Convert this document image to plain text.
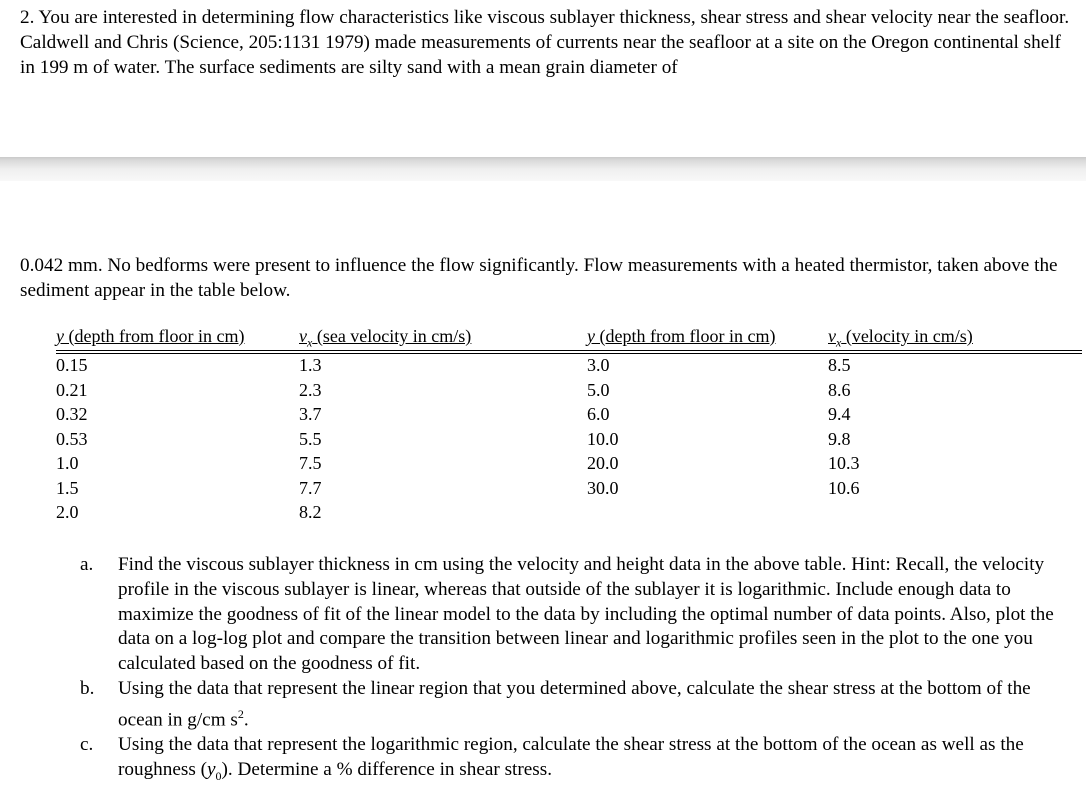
2. You are interested in determining flow characteristics like viscous sublayer thickness, shear stress and shear velocity near the seafloor. Caldwell and Chris (Science, 205:1131 1979) made measurements of currents near the seafloor at a site on the Oregon continental shelf in 199 m of water. The surface sediments are silty sand with a mean grain diameter of

0.042 mm. No bedforms were present to influence the flow significantly. Flow measurements with a heated thermistor, taken above the sediment appear in the table below.

y (depth from floor in cm)	$v_x$ (sea velocity in cm/s)	y (depth from floor in cm)	$v_x$ (velocity in cm/s)
0.15	1.3	3.0	8.5
0.21	2.3	5.0	8.6
0.32	3.7	6.0	9.4
0.53	5.5	10.0	9.8
1.0	7.5	20.0	10.3
1.5	7.7	30.0	10.6
2.0	8.2
a. Find the viscous sublayer thickness in cm using the velocity and height data in the above table. Hint: Recall, the velocity profile in the viscous sublayer is linear, whereas that outside of the sublayer it is logarithmic. Include enough data to maximize the goodness of fit of the linear model to the data by including the optimal number of data points. Also, plot the data on a log-log plot and compare the transition between linear and logarithmic profiles seen in the plot to the one you calculated based on the goodness of fit.
b. Using the data that represent the linear region that you determined above, calculate the shear stress at the bottom of the ocean in g/cm $s^2$.
c. Using the data that represent the logarithmic region, calculate the shear stress at the bottom of the ocean as well as the roughness $(y_0)$. Determine a % difference in shear stress.
